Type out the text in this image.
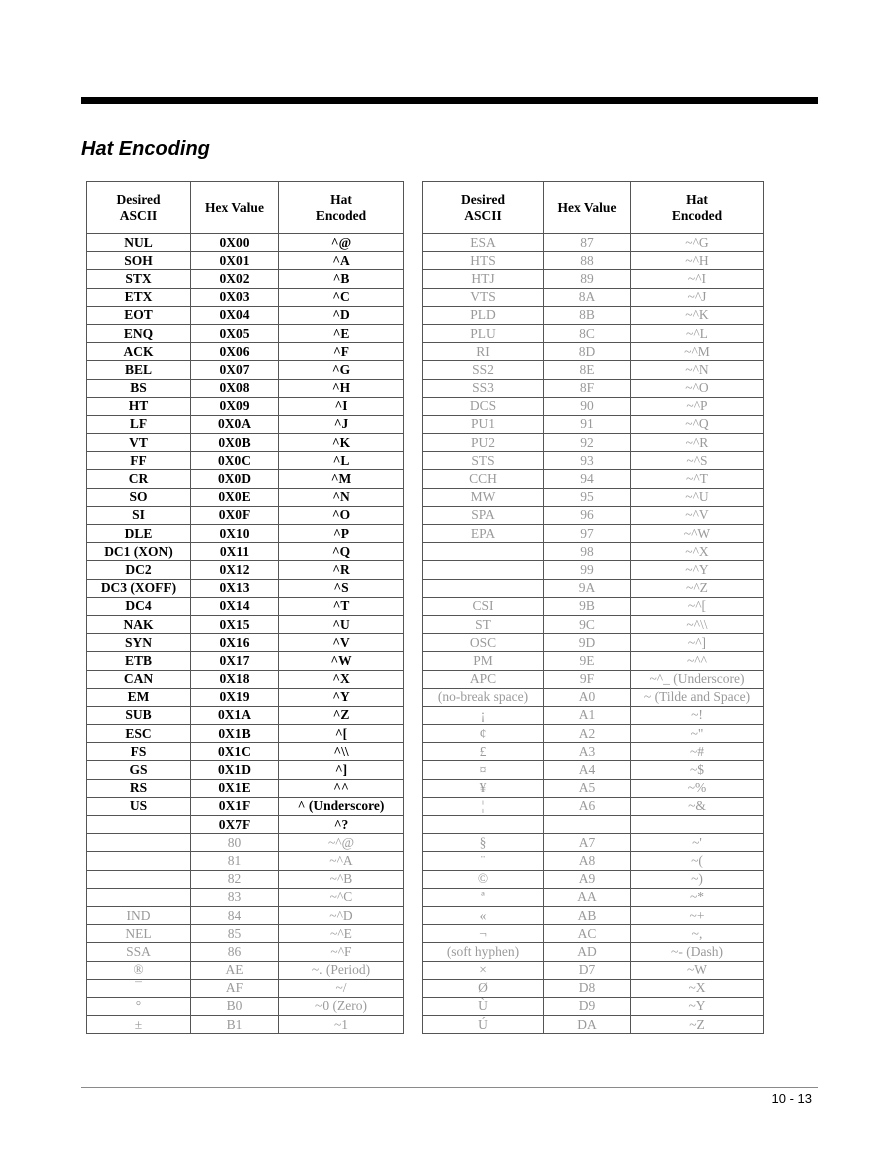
Hat Encoding
Desired
ASCII	Hex Value	Hat
Encoded
NUL	0X00	^@
SOH	0X01	^A
STX	0X02	^B
ETX	0X03	^C
EOT	0X04	^D
ENQ	0X05	^E
ACK	0X06	^F
BEL	0X07	^G
BS	0X08	^H
HT	0X09	^I
LF	0X0A	^J
VT	0X0B	^K
FF	0X0C	^L
CR	0X0D	^M
SO	0X0E	^N
SI	0X0F	^O
DLE	0X10	^P
DC1 (XON)	0X11	^Q
DC2	0X12	^R
DC3 (XOFF)	0X13	^S
DC4	0X14	^T
NAK	0X15	^U
SYN	0X16	^V
ETB	0X17	^W
CAN	0X18	^X
EM	0X19	^Y
SUB	0X1A	^Z
ESC	0X1B	^[
FS	0X1C	^\\
GS	0X1D	^]
RS	0X1E	^^
US	0X1F	^ (Underscore)
	0X7F	^?
	80	~^@
	81	~^A
	82	~^B
	83	~^C
IND	84	~^D
NEL	85	~^E
SSA	86	~^F
®	AE	~. (Period)
¯	AF	~/
°	B0	~0 (Zero)
±	B1	~1
Desired
ASCII	Hex Value	Hat
Encoded
ESA	87	~^G
HTS	88	~^H
HTJ	89	~^I
VTS	8A	~^J
PLD	8B	~^K
PLU	8C	~^L
RI	8D	~^M
SS2	8E	~^N
SS3	8F	~^O
DCS	90	~^P
PU1	91	~^Q
PU2	92	~^R
STS	93	~^S
CCH	94	~^T
MW	95	~^U
SPA	96	~^V
EPA	97	~^W
	98	~^X
	99	~^Y
	9A	~^Z
CSI	9B	~^[
ST	9C	~^\\
OSC	9D	~^]
PM	9E	~^^
APC	9F	~^_ (Underscore)
(no-break space)	A0	~ (Tilde and Space)
¡	A1	~!
¢	A2	~"
£	A3	~#
¤	A4	~$
¥	A5	~%
¦	A6	~&

§	A7	~'
¨	A8	~(
©	A9	~)
ª	AA	~*
«	AB	~+
¬	AC	~,
(soft hyphen)	AD	~- (Dash)
×	D7	~W
Ø	D8	~X
Ù	D9	~Y
Ú	DA	~Z
10 - 13
